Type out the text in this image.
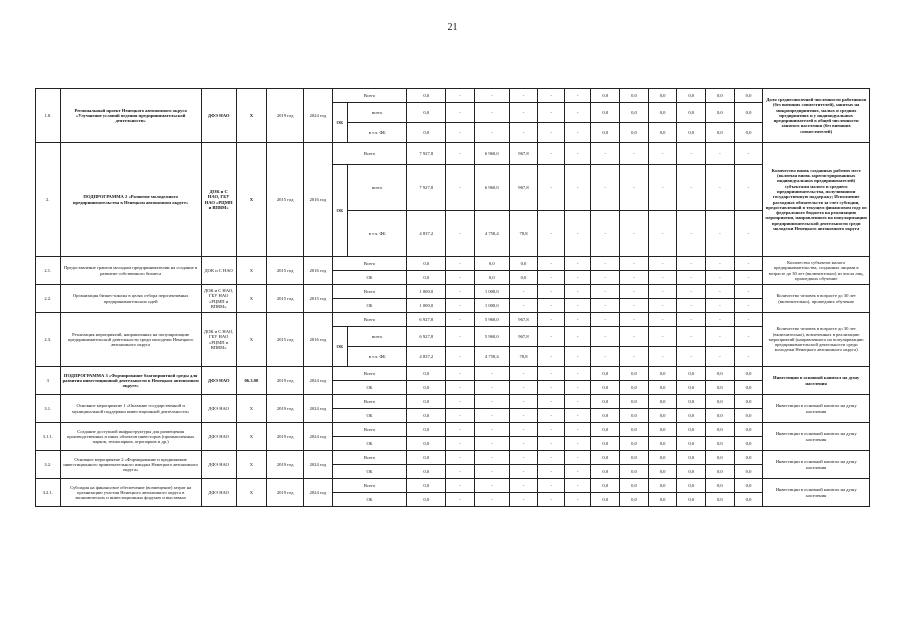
21
1.8.	Региональный проект Ненецкого автономного округа «Улучшение условий ведения предпринимательской деятельности»	ДФЭ НАО	Х	2019 год	2024 год	Всего		0,0	-	-	-	-	-	0,0	0,0	0,0	0,0	0,0	0,0	Доля среднесписочной численности работников (без внешних совместителей), занятых на микропредприятиях, малых и средних предприятиях и у индивидуальных предпринимателей в общей численности занятого населения (без внешних совместителей)
						ОБ	всего	0,0	-	-	-	-	-	0,0	0,0	0,0	0,0	0,0	0,0	
							в т.ч. ФБ	0,0	-	-	-	-	-	0,0	0,0	0,0	0,0	0,0	0,0	
2.	ПОДПРОГРАММА 2 «Развитие молодежного предпринимательства в Ненецком автономном округе»	ДОК и С НАО, ГБУ НАО «РЦМП и ВПВМ»	Х	2015 год	2016 год	Всего		7 927,8	-	6 960,0	967,8	-	-	-	-	-	-	-	-	Количество вновь созданных рабочих мест (включая вновь зарегистрированных индивидуальных предпринимателей) субъектами малого и среднего предпринимательства, получившими государственную поддержку; Исполнение расходных обязательств за счет субсидии, предоставленной в текущем финансовом году из федерального бюджета на реализацию мероприятия, направленного на популяризацию предпринимательской деятельности среди молодежи Ненецкого автономного округа
						ОБ	всего	7 927,8	-	6 960,0	967,8	-	-	-	-	-	-	-	-	
							в т.ч. ФБ	4 837,2	-	4 758,4	78,8	-	-	-	-	-	-	-	-	
2.1.	Предоставление грантов молодым предпринимателям на создание и развитие собственного бизнеса	ДОК и С НАО	Х	2015 год	2016 год	Всего		0,0	-	0,0	0,0	-	-	-	-	-	-	-	-	Количество субъектов малого предпринимательства, созданных лицами в возрасте до 30 лет (включительно) из числа лиц, прошедших обучение
						ОБ		0,0	-	0,0	0,0	-	-	-	-	-	-	-	-	
2.2.	Организация бизнес-школы в целях отбора перспективных предпринимательских идей	ДОК и С НАО, ГБУ НАО «РЦМП и ВПВМ»	Х	2015 год	2015 год	Всего		1 000,0	-	1 000,0	-	-	-	-	-	-	-	-	-	Количество человек в возрасте до 30 лет (включительно), прошедших обучение
						ОБ		1 000,0	-	1 000,0	-	-	-	-	-	-	-	-	-	
2.3.	Реализация мероприятий, направленных на популяризацию предпринимательской деятельности среди молодежи Ненецкого автономного округа	ДОК и С НАО, ГБУ НАО «РЦМП и ВПВМ»	Х	2015 год	2016 год	Всего		6 927,8	-	5 960,0	967,8	-	-	-	-	-	-	-	-	Количество человек в возрасте до 30 лет (включительно), вовлеченных в реализацию мероприятий (направленного на популяризацию предпринимательской деятельности среди молодежи Ненецкого автономного округа)
						ОБ	всего	6 927,8	-	5 960,0	967,8	-	-	-	-	-	-	-	-	
							в т.ч. ФБ	4 837,2	-	4 758,4	78,8	-	-	-	-	-	-	-	-	
3	ПОДПРОГРАММА 3 «Формирование благоприятной среды для развития инвестиционной деятельности в Ненецком автономном округе»	ДФЭ НАО	06.3.00	2019 год	2024 год	Всего		0,0	-	-	-	-	-	0,0	0,0	0,0	0,0	0,0	0,0	Инвестиции в основной капитал на душу населения
						ОБ		0,0	-	-	-	-	-	0,0	0,0	0,0	0,0	0,0	0,0	
3.1.	Основное мероприятие 1 «Оказание государственной и муниципальной поддержки инвестиционной деятельности»	ДФЭ НАО	Х	2019 год	2024 год	Всего		0,0	-	-	-	-	-	0,0	0,0	0,0	0,0	0,0	0,0	Инвестиции в основной капитал на душу населения
						ОБ		0,0	-	-	-	-	-	0,0	0,0	0,0	0,0	0,0	0,0	
3.1.1.	Создание доступной инфраструктуры для размещения производственных и иных объектов инвесторов (промышленных парков, технопарков, агропарков и др.)	ДФЭ НАО	Х	2019 год	2024 год	Всего		0,0	-	-	-	-	-	0,0	0,0	0,0	0,0	0,0	0,0	Инвестиции в основной капитал на душу населения
						ОБ		0,0	-	-	-	-	-	0,0	0,0	0,0	0,0	0,0	0,0	
3.2.	Основное мероприятие 2 «Формирование и продвижение инвестиционного привлекательного имиджа Ненецкого автономного округа»	ДФЭ НАО	Х	2019 год	2024 год	Всего		0,0	-	-	-	-	-	0,0	0,0	0,0	0,0	0,0	0,0	Инвестиции в основной капитал на душу населения
						ОБ		0,0	-	-	-	-	-	0,0	0,0	0,0	0,0	0,0	0,0	
3.2.1.	Субсидия на финансовое обеспечение (возмещение) затрат на организацию участия Ненецкого автономного округа в экономических и инвестиционных форумах и выставках	ДФЭ НАО	Х	2019 год	2024 год	Всего		0,0	-	-	-	-	-	0,0	0,0	0,0	0,0	0,0	0,0	Инвестиции в основной капитал на душу населения
						ОБ		0,0	-	-	-	-	-	0,0	0,0	0,0	0,0	0,0	0,0	
